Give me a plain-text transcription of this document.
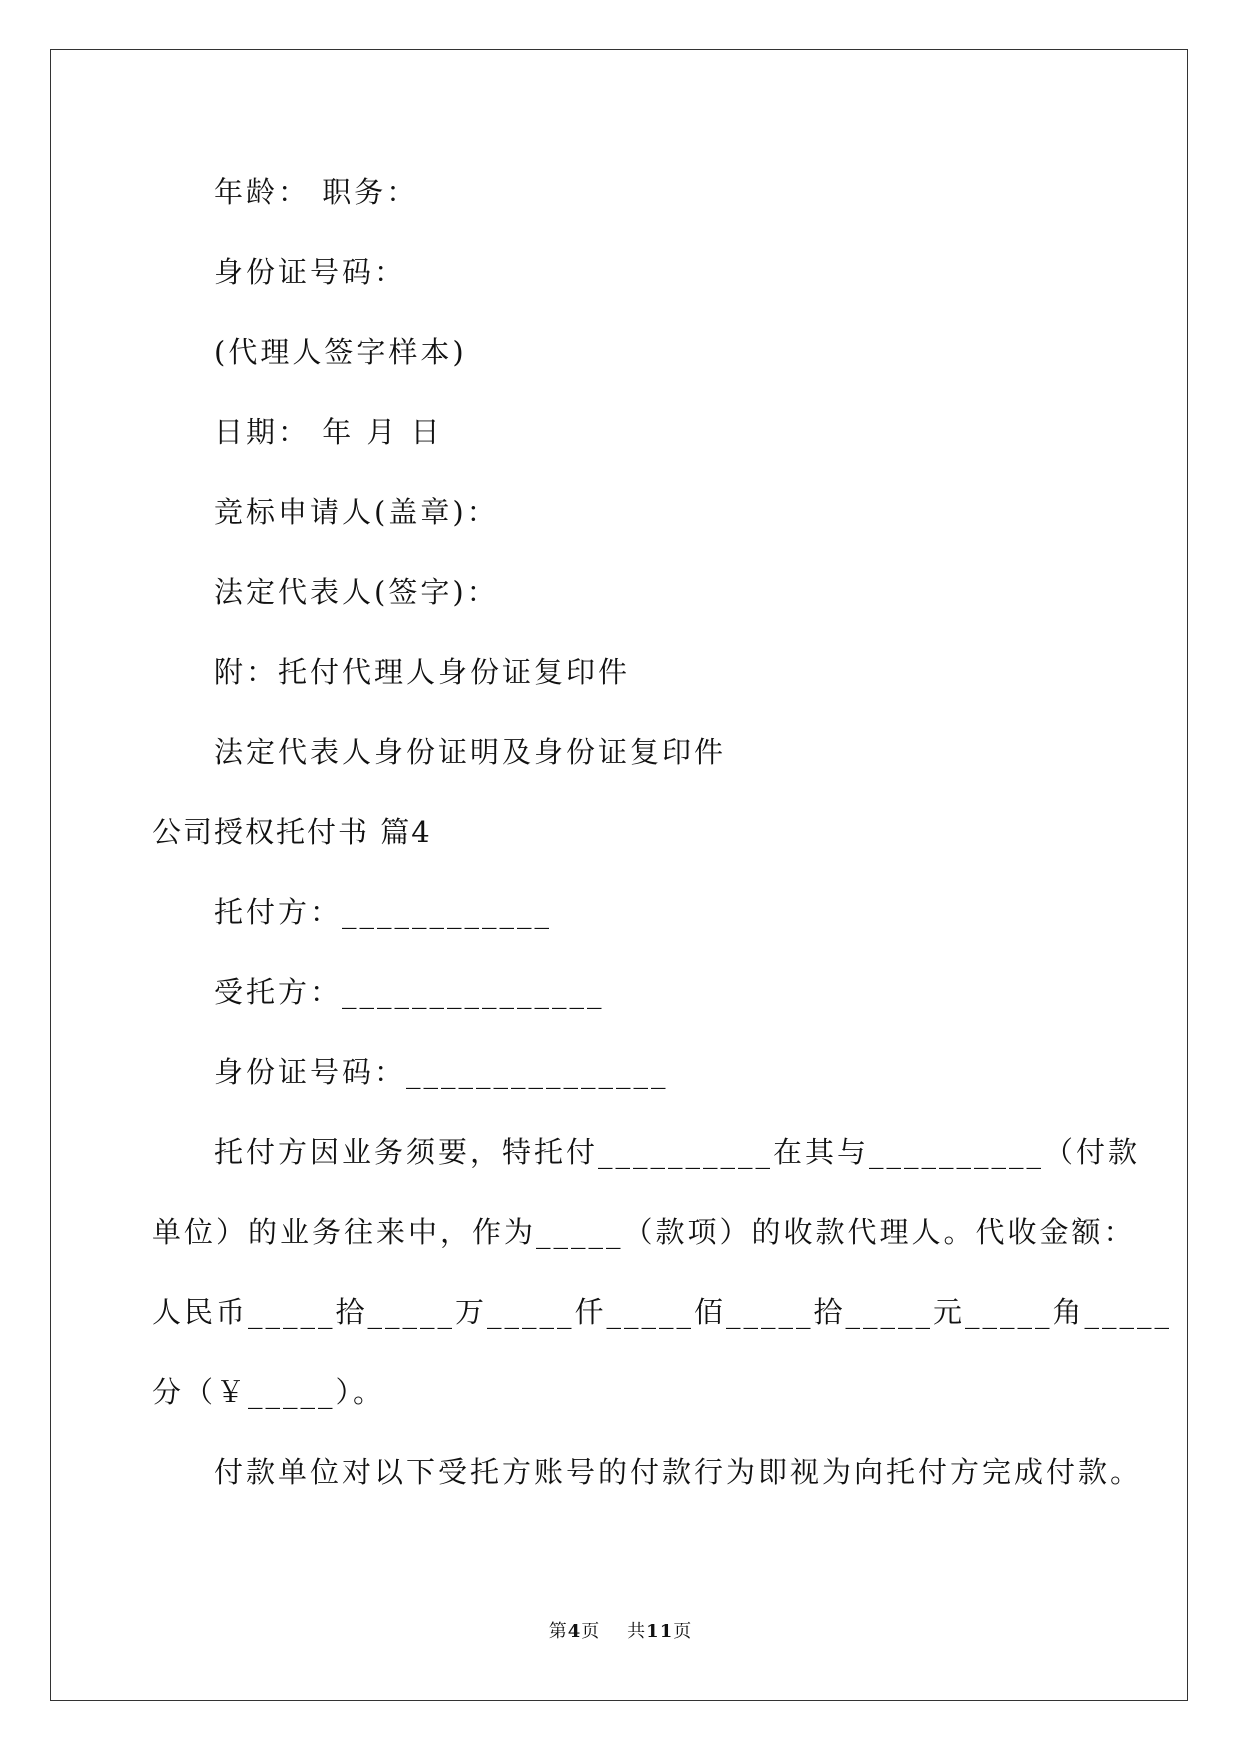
年龄： 职务：
身份证号码：
(代理人签字样本)
日期： 年 月 日
竞标申请人(盖章)：
法定代表人(签字)：
附：托付代理人身份证复印件
法定代表人身份证明及身份证复印件
公司授权托付书 篇4
托付方：____________
受托方：_______________
身份证号码：_______________
托付方因业务须要，特托付__________在其与__________（付款
单位）的业务往来中，作为_____（款项）的收款代理人。代收金额：
人民币_____拾_____万_____仟_____佰_____拾_____元_____角_____
分（￥_____）。
付款单位对以下受托方账号的付款行为即视为向托付方完成付款。
第4页    共11页
